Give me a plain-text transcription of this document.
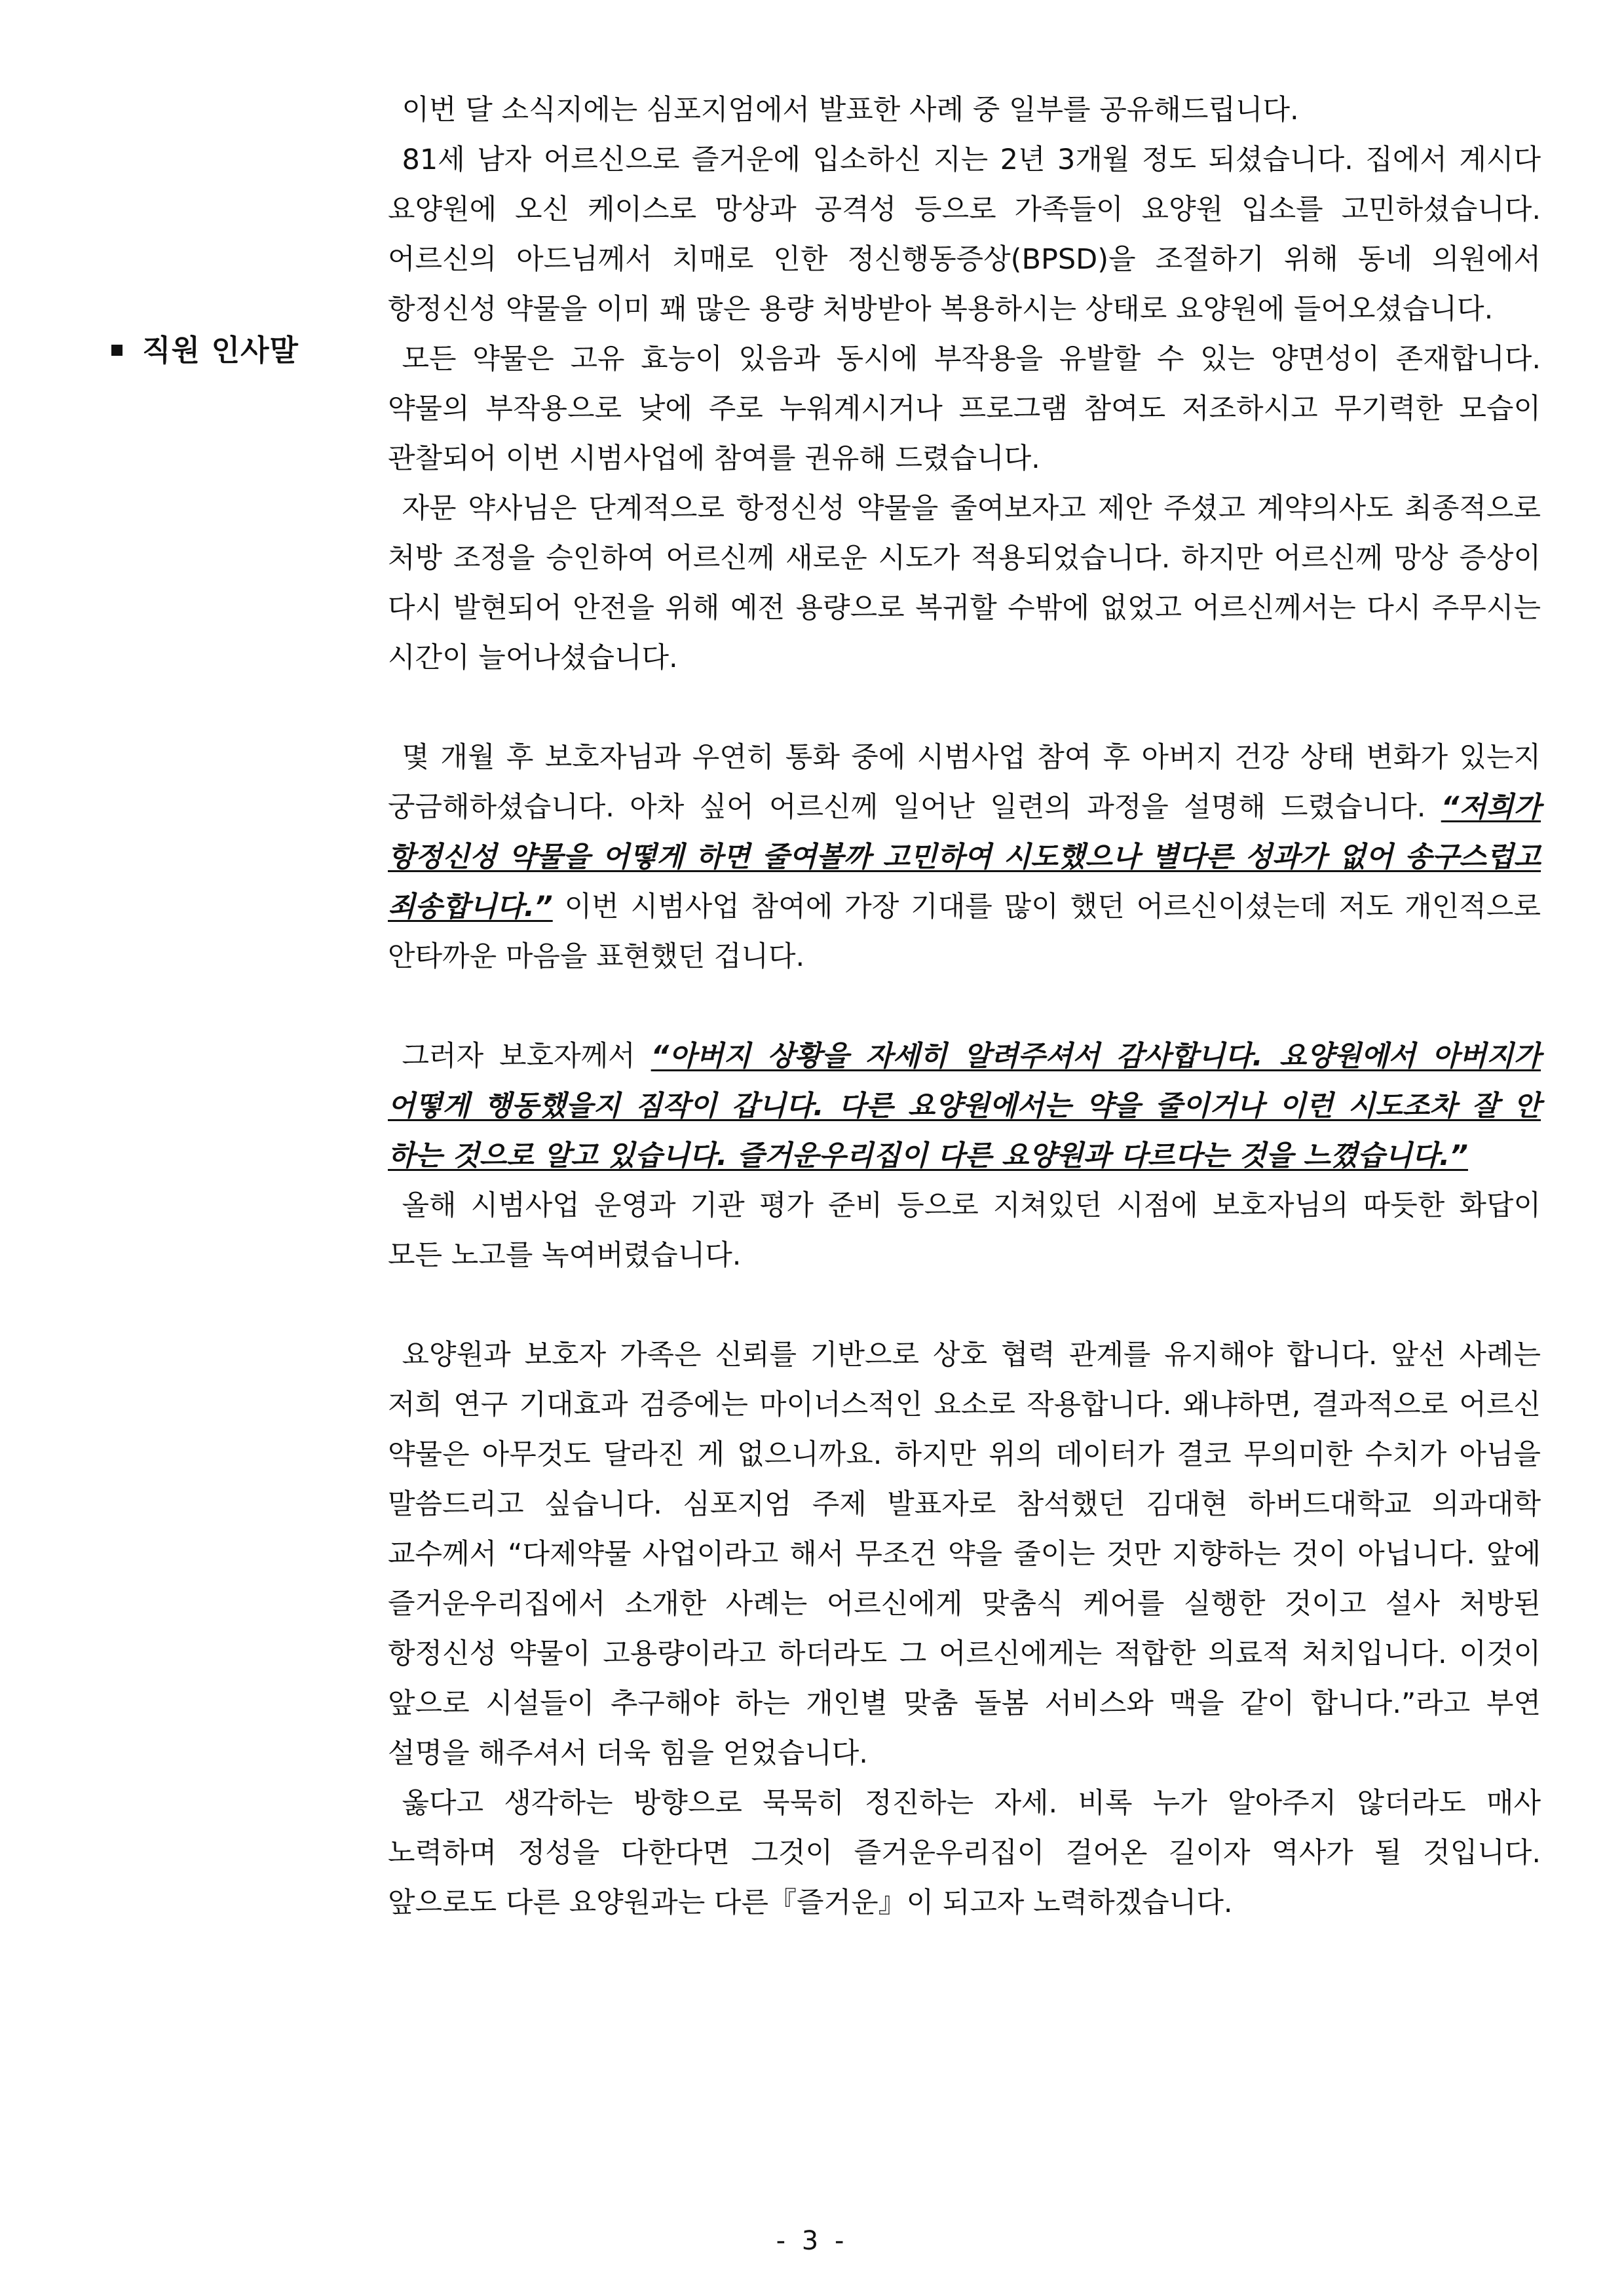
직원 인사말

이번 달 소식지에는 심포지엄에서 발표한 사례 중 일부를 공유해드립니다.

81세 남자 어르신으로 즐거운에 입소하신 지는 2년 3개월 정도 되셨습니다. 집에서 계시다 요양원에 오신 케이스로 망상과 공격성 등으로 가족들이 요양원 입소를 고민하셨습니다. 어르신의 아드님께서 치매로 인한 정신행동증상(BPSD)을 조절하기 위해 동네 의원에서 항정신성 약물을 이미 꽤 많은 용량 처방받아 복용하시는 상태로 요양원에 들어오셨습니다.

모든 약물은 고유 효능이 있음과 동시에 부작용을 유발할 수 있는 양면성이 존재합니다. 약물의 부작용으로 낮에 주로 누워계시거나 프로그램 참여도 저조하시고 무기력한 모습이 관찰되어 이번 시범사업에 참여를 권유해 드렸습니다.

자문 약사님은 단계적으로 항정신성 약물을 줄여보자고 제안 주셨고 계약의사도 최종적으로 처방 조정을 승인하여 어르신께 새로운 시도가 적용되었습니다. 하지만 어르신께 망상 증상이 다시 발현되어 안전을 위해 예전 용량으로 복귀할 수밖에 없었고 어르신께서는 다시 주무시는 시간이 늘어나셨습니다.

몇 개월 후 보호자님과 우연히 통화 중에 시범사업 참여 후 아버지 건강 상태 변화가 있는지 궁금해하셨습니다. 아차 싶어 어르신께 일어난 일련의 과정을 설명해 드렸습니다. “저희가 항정신성 약물을 어떻게 하면 줄여볼까 고민하여 시도했으나 별다른 성과가 없어 송구스럽고 죄송합니다.” 이번 시범사업 참여에 가장 기대를 많이 했던 어르신이셨는데 저도 개인적으로 안타까운 마음을 표현했던 겁니다.

그러자 보호자께서 “아버지 상황을 자세히 알려주셔서 감사합니다. 요양원에서 아버지가 어떻게 행동했을지 짐작이 갑니다. 다른 요양원에서는 약을 줄이거나 이런 시도조차 잘 안 하는 것으로 알고 있습니다. 즐거운우리집이 다른 요양원과 다르다는 것을 느꼈습니다.”

올해 시범사업 운영과 기관 평가 준비 등으로 지쳐있던 시점에 보호자님의 따듯한 화답이 모든 노고를 녹여버렸습니다.

요양원과 보호자 가족은 신뢰를 기반으로 상호 협력 관계를 유지해야 합니다. 앞선 사례는 저희 연구 기대효과 검증에는 마이너스적인 요소로 작용합니다. 왜냐하면, 결과적으로 어르신 약물은 아무것도 달라진 게 없으니까요. 하지만 위의 데이터가 결코 무의미한 수치가 아님을 말씀드리고 싶습니다. 심포지엄 주제 발표자로 참석했던 김대현 하버드대학교 의과대학 교수께서 “다제약물 사업이라고 해서 무조건 약을 줄이는 것만 지향하는 것이 아닙니다. 앞에 즐거운우리집에서 소개한 사례는 어르신에게 맞춤식 케어를 실행한 것이고 설사 처방된 항정신성 약물이 고용량이라고 하더라도 그 어르신에게는 적합한 의료적 처치입니다. 이것이 앞으로 시설들이 추구해야 하는 개인별 맞춤 돌봄 서비스와 맥을 같이 합니다.”라고 부연 설명을 해주셔서 더욱 힘을 얻었습니다.

옳다고 생각하는 방향으로 묵묵히 정진하는 자세. 비록 누가 알아주지 않더라도 매사 노력하며 정성을 다한다면 그것이 즐거운우리집이 걸어온 길이자 역사가 될 것입니다. 앞으로도 다른 요양원과는 다른『즐거운』이 되고자 노력하겠습니다.

- 3 -
